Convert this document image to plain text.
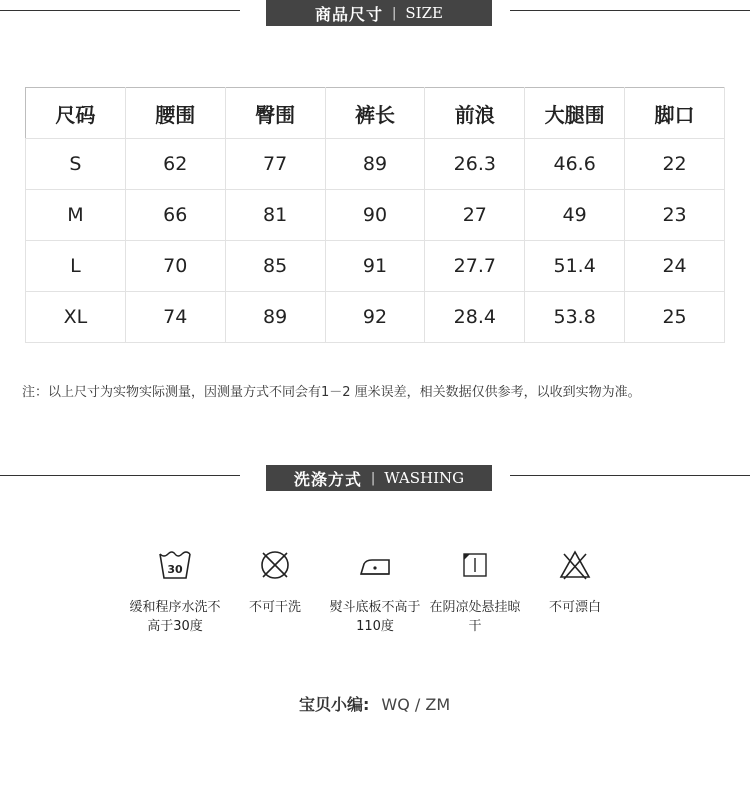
商品尺寸 | SIZE
尺码	腰围	臀围	裤长	前浪	大腿围	脚口
S	62	77	89	26.3	46.6	22
M	66	81	90	27	49	23
L	70	85	91	27.7	51.4	24
XL	74	89	92	28.4	53.8	25
注：以上尺寸为实物实际测量，因测量方式不同会有1－2 厘米误差，相关数据仅供参考，以收到实物为准。
洗涤方式 | WASHING
30
缓和程序水洗不高于30度
不可干洗	熨斗底板不高于110度
在阴凉处悬挂晾干
不可漂白
宝贝小编: WQ / ZM
